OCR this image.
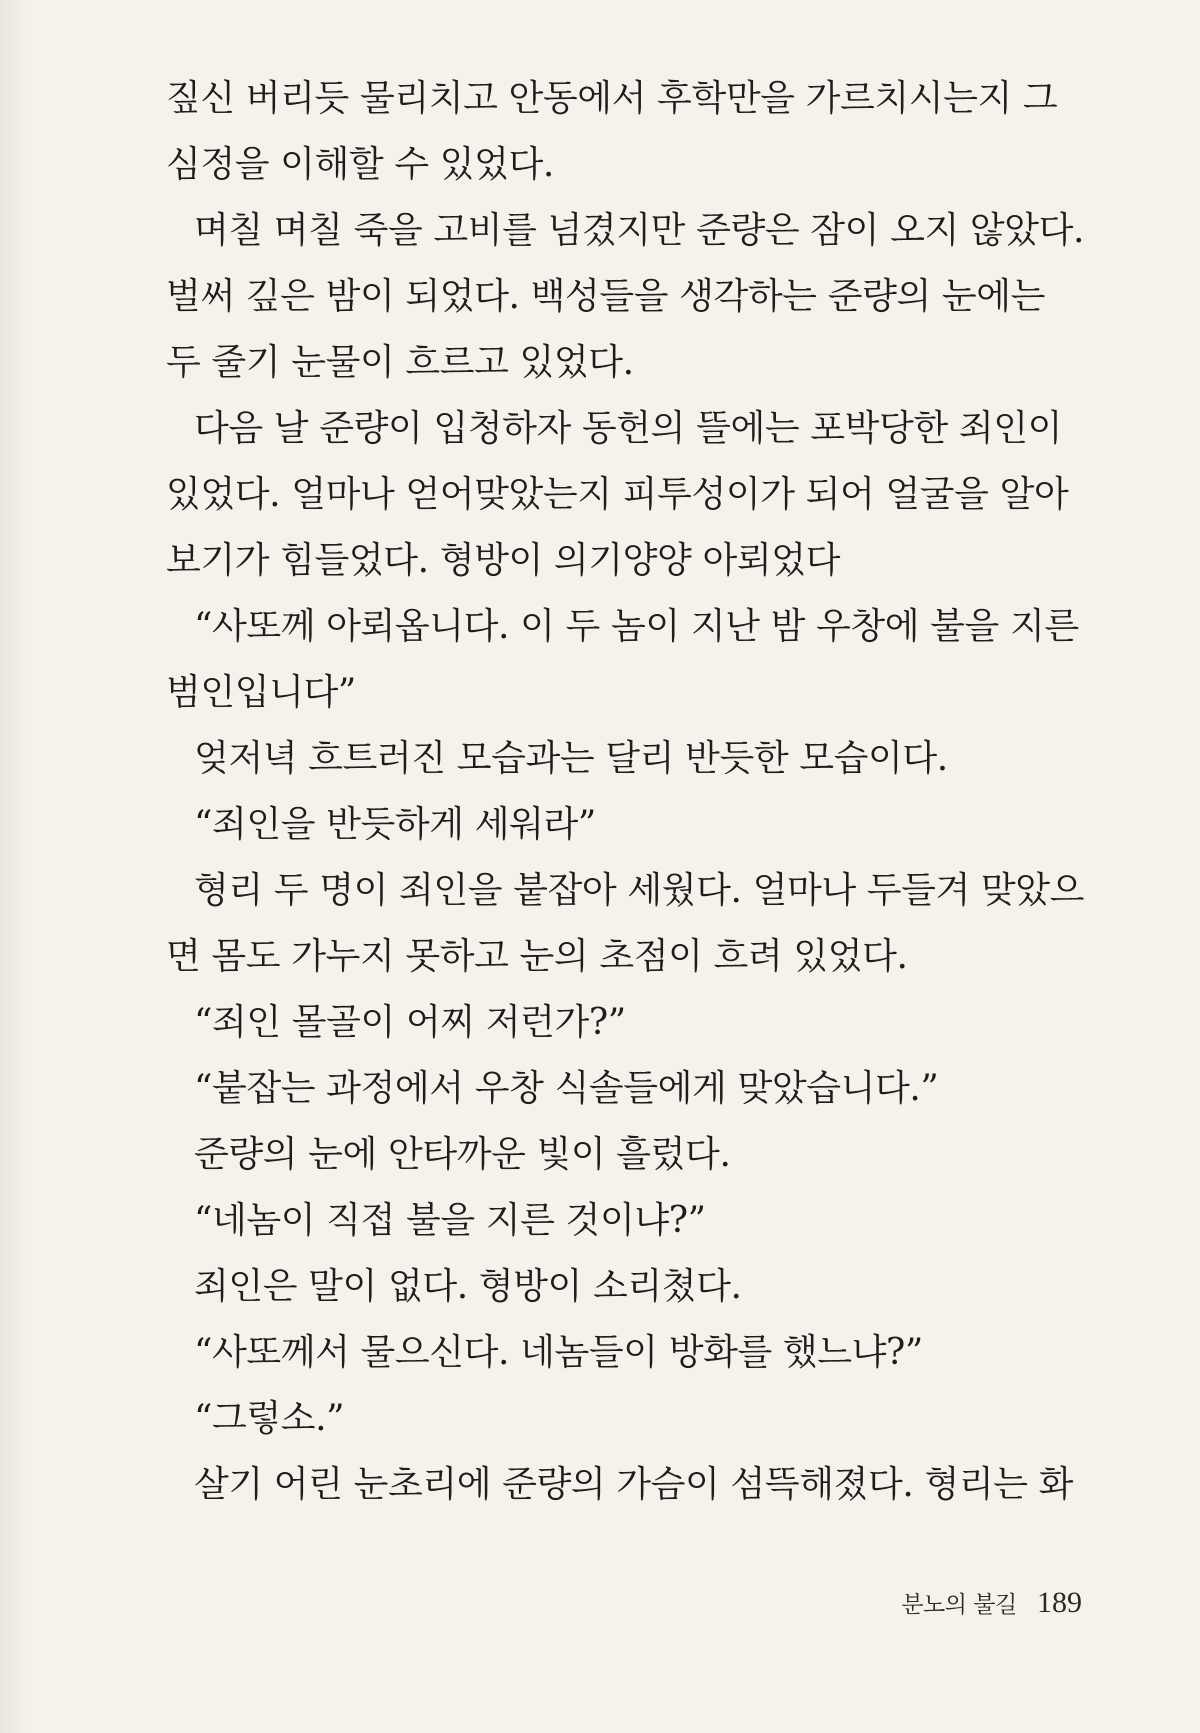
짚신 버리듯 물리치고 안동에서 후학만을 가르치시는지 그
심정을 이해할 수 있었다.
며칠 며칠 죽을 고비를 넘겼지만 준량은 잠이 오지 않았다.
벌써 깊은 밤이 되었다. 백성들을 생각하는 준량의 눈에는
두 줄기 눈물이 흐르고 있었다.
다음 날 준량이 입청하자 동헌의 뜰에는 포박당한 죄인이
있었다. 얼마나 얻어맞았는지 피투성이가 되어 얼굴을 알아
보기가 힘들었다. 형방이 의기양양 아뢰었다
“사또께 아뢰옵니다. 이 두 놈이 지난 밤 우창에 불을 지른
범인입니다”
엊저녁 흐트러진 모습과는 달리 반듯한 모습이다.
“죄인을 반듯하게 세워라”
형리 두 명이 죄인을 붙잡아 세웠다. 얼마나 두들겨 맞았으
면 몸도 가누지 못하고 눈의 초점이 흐려 있었다.
“죄인 몰골이 어찌 저런가?”
“붙잡는 과정에서 우창 식솔들에게 맞았습니다.”
준량의 눈에 안타까운 빛이 흘렀다.
“네놈이 직접 불을 지른 것이냐?”
죄인은 말이 없다. 형방이 소리쳤다.
“사또께서 물으신다. 네놈들이 방화를 했느냐?”
“그렇소.”
살기 어린 눈초리에 준량의 가슴이 섬뜩해졌다. 형리는 화
분노의 불길 189
